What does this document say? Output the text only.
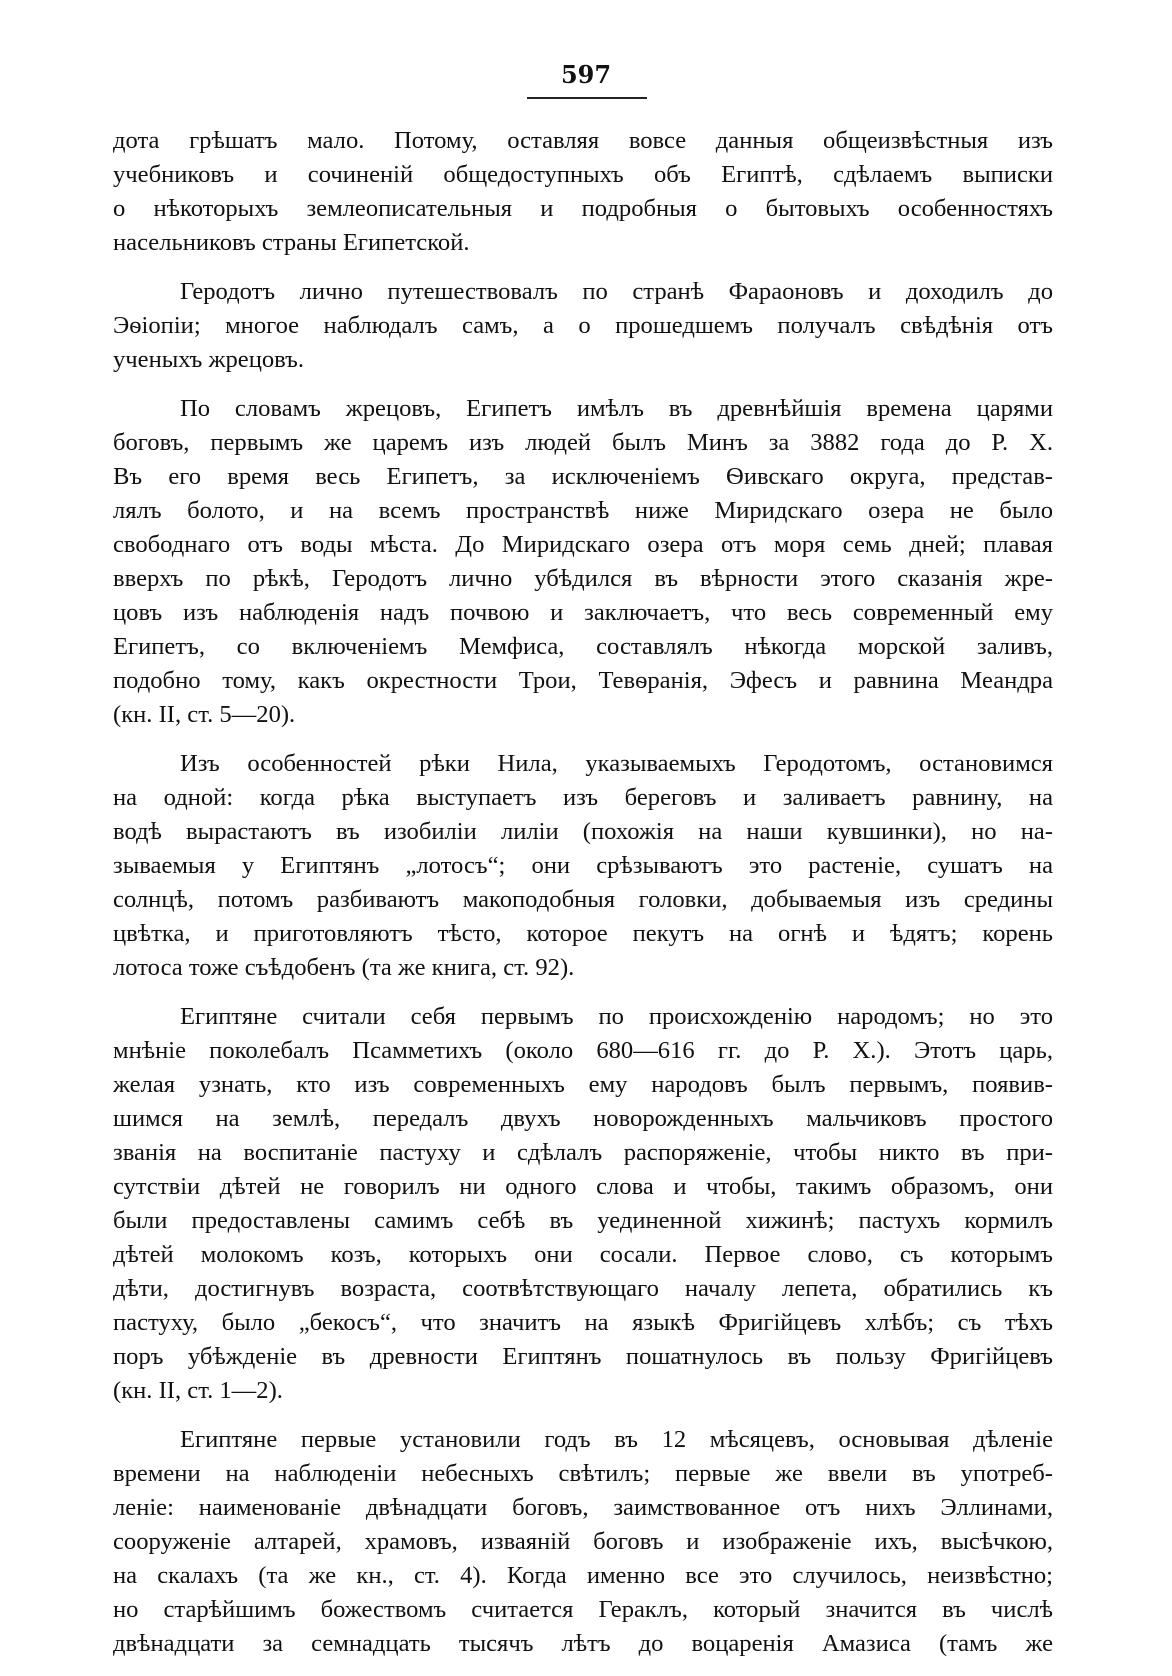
597
дота грѣшатъ мало. Потому, оставляя вовсе данныя общеизвѣстныя изъ
учебниковъ и сочиненій общедоступныхъ объ Египтѣ, сдѣлаемъ выписки
о нѣкоторыхъ землеописательныя и подробныя о бытовыхъ особенностяхъ
насельниковъ страны Египетской.
Геродотъ лично путешествовалъ по странѣ Фараоновъ и доходилъ до
Эѳіопіи; многое наблюдалъ самъ, а о прошедшемъ получалъ свѣдѣнія отъ
ученыхъ жрецовъ.
По словамъ жрецовъ, Египетъ имѣлъ въ древнѣйшія времена царями
боговъ, первымъ же царемъ изъ людей былъ Минъ за 3882 года до Р. Х.
Въ его время весь Египетъ, за исключеніемъ Ѳивскаго округа, представ-
лялъ болото, и на всемъ пространствѣ ниже Миридскаго озера не было
свободнаго отъ воды мѣста. До Миридскаго озера отъ моря семь дней; плавая
вверхъ по рѣкѣ, Геродотъ лично убѣдился въ вѣрности этого сказанія жре-
цовъ изъ наблюденія надъ почвою и заключаетъ, что весь современный ему
Египетъ, со включеніемъ Мемфиса, составлялъ нѣкогда морской заливъ,
подобно тому, какъ окрестности Трои, Тевѳранія, Эфесъ и равнина Меандра
(кн. II, ст. 5—20).
Изъ особенностей рѣки Нила, указываемыхъ Геродотомъ, остановимся
на одной: когда рѣка выступаетъ изъ береговъ и заливаетъ равнину, на
водѣ вырастаютъ въ изобиліи лиліи (похожія на наши кувшинки), но на-
зываемыя у Египтянъ „лотосъ“; они срѣзываютъ это растеніе, сушатъ на
солнцѣ, потомъ разбиваютъ макоподобныя головки, добываемыя изъ средины
цвѣтка, и приготовляютъ тѣсто, которое пекутъ на огнѣ и ѣдятъ; корень
лотоса тоже съѣдобенъ (та же книга, ст. 92).
Египтяне считали себя первымъ по происхожденію народомъ; но это
мнѣніе поколебалъ Псамметихъ (около 680—616 гг. до Р. Х.). Этотъ царь,
желая узнать, кто изъ современныхъ ему народовъ былъ первымъ, появив-
шимся на землѣ, передалъ двухъ новорожденныхъ мальчиковъ простого
званія на воспитаніе пастуху и сдѣлалъ распоряженіе, чтобы никто въ при-
сутствіи дѣтей не говорилъ ни одного слова и чтобы, такимъ образомъ, они
были предоставлены самимъ себѣ въ уединенной хижинѣ; пастухъ кормилъ
дѣтей молокомъ козъ, которыхъ они сосали. Первое слово, съ которымъ
дѣти, достигнувъ возраста, соотвѣтствующаго началу лепета, обратились къ
пастуху, было „бекосъ“, что значитъ на языкѣ Фригійцевъ хлѣбъ; съ тѣхъ
поръ убѣжденіе въ древности Египтянъ пошатнулось въ пользу Фригійцевъ
(кн. II, ст. 1—2).
Египтяне первые установили годъ въ 12 мѣсяцевъ, основывая дѣленіе
времени на наблюденіи небесныхъ свѣтилъ; первые же ввели въ употреб-
леніе: наименованіе двѣнадцати боговъ, заимствованное отъ нихъ Эллинами,
сооруженіе алтарей, храмовъ, изваяній боговъ и изображеніе ихъ, высѣчкою,
на скалахъ (та же кн., ст. 4). Когда именно все это случилось, неизвѣстно;
но старѣйшимъ божествомъ считается Гераклъ, который значится въ числѣ
двѣнадцати за семнадцать тысячъ лѣтъ до воцаренія Амазиса (тамъ же
